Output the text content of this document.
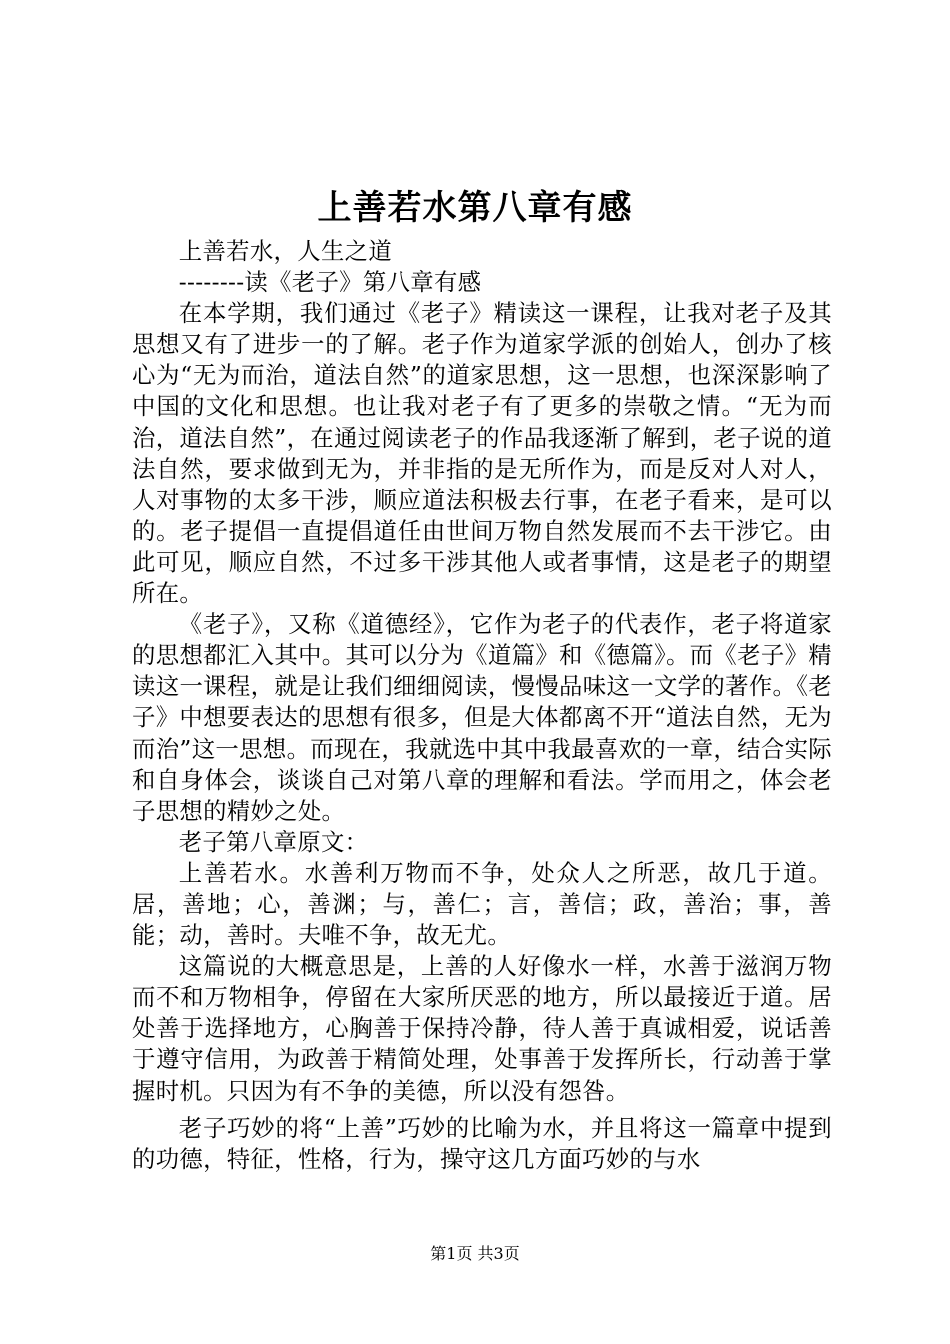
上善若水第八章有感

上善若水，人生之道

--------读《老子》第八章有感

在本学期，我们通过《老子》精读这一课程，让我对老子及其思想又有了进步一的了解。老子作为道家学派的创始人，创办了核心为“无为而治，道法自然”的道家思想，这一思想，也深深影响了中国的文化和思想。也让我对老子有了更多的崇敬之情。“无为而治，道法自然”，在通过阅读老子的作品我逐渐了解到，老子说的道法自然，要求做到无为，并非指的是无所作为，而是反对人对人，人对事物的太多干涉，顺应道法积极去行事，在老子看来，是可以的。老子提倡一直提倡道任由世间万物自然发展而不去干涉它。由此可见，顺应自然，不过多干涉其他人或者事情，这是老子的期望所在。

《老子》，又称《道德经》，它作为老子的代表作，老子将道家的思想都汇入其中。其可以分为《道篇》和《德篇》。而《老子》精读这一课程，就是让我们细细阅读，慢慢品味这一文学的著作。《老子》中想要表达的思想有很多，但是大体都离不开“道法自然，无为而治”这一思想。而现在，我就选中其中我最喜欢的一章，结合实际和自身体会，谈谈自己对第八章的理解和看法。学而用之，体会老子思想的精妙之处。

老子第八章原文：

上善若水。水善利万物而不争，处众人之所恶，故几于道。居，善地；心，善渊；与，善仁；言，善信；政，善治；事，善能；动，善时。夫唯不争，故无尤。

这篇说的大概意思是，上善的人好像水一样，水善于滋润万物而不和万物相争，停留在大家所厌恶的地方，所以最接近于道。居处善于选择地方，心胸善于保持冷静，待人善于真诚相爱，说话善于遵守信用，为政善于精简处理，处事善于发挥所长，行动善于掌握时机。只因为有不争的美德，所以没有怨咎。

老子巧妙的将“上善”巧妙的比喻为水，并且将这一篇章中提到的功德，特征，性格，行为，操守这几方面巧妙的与水

第1页 共3页
